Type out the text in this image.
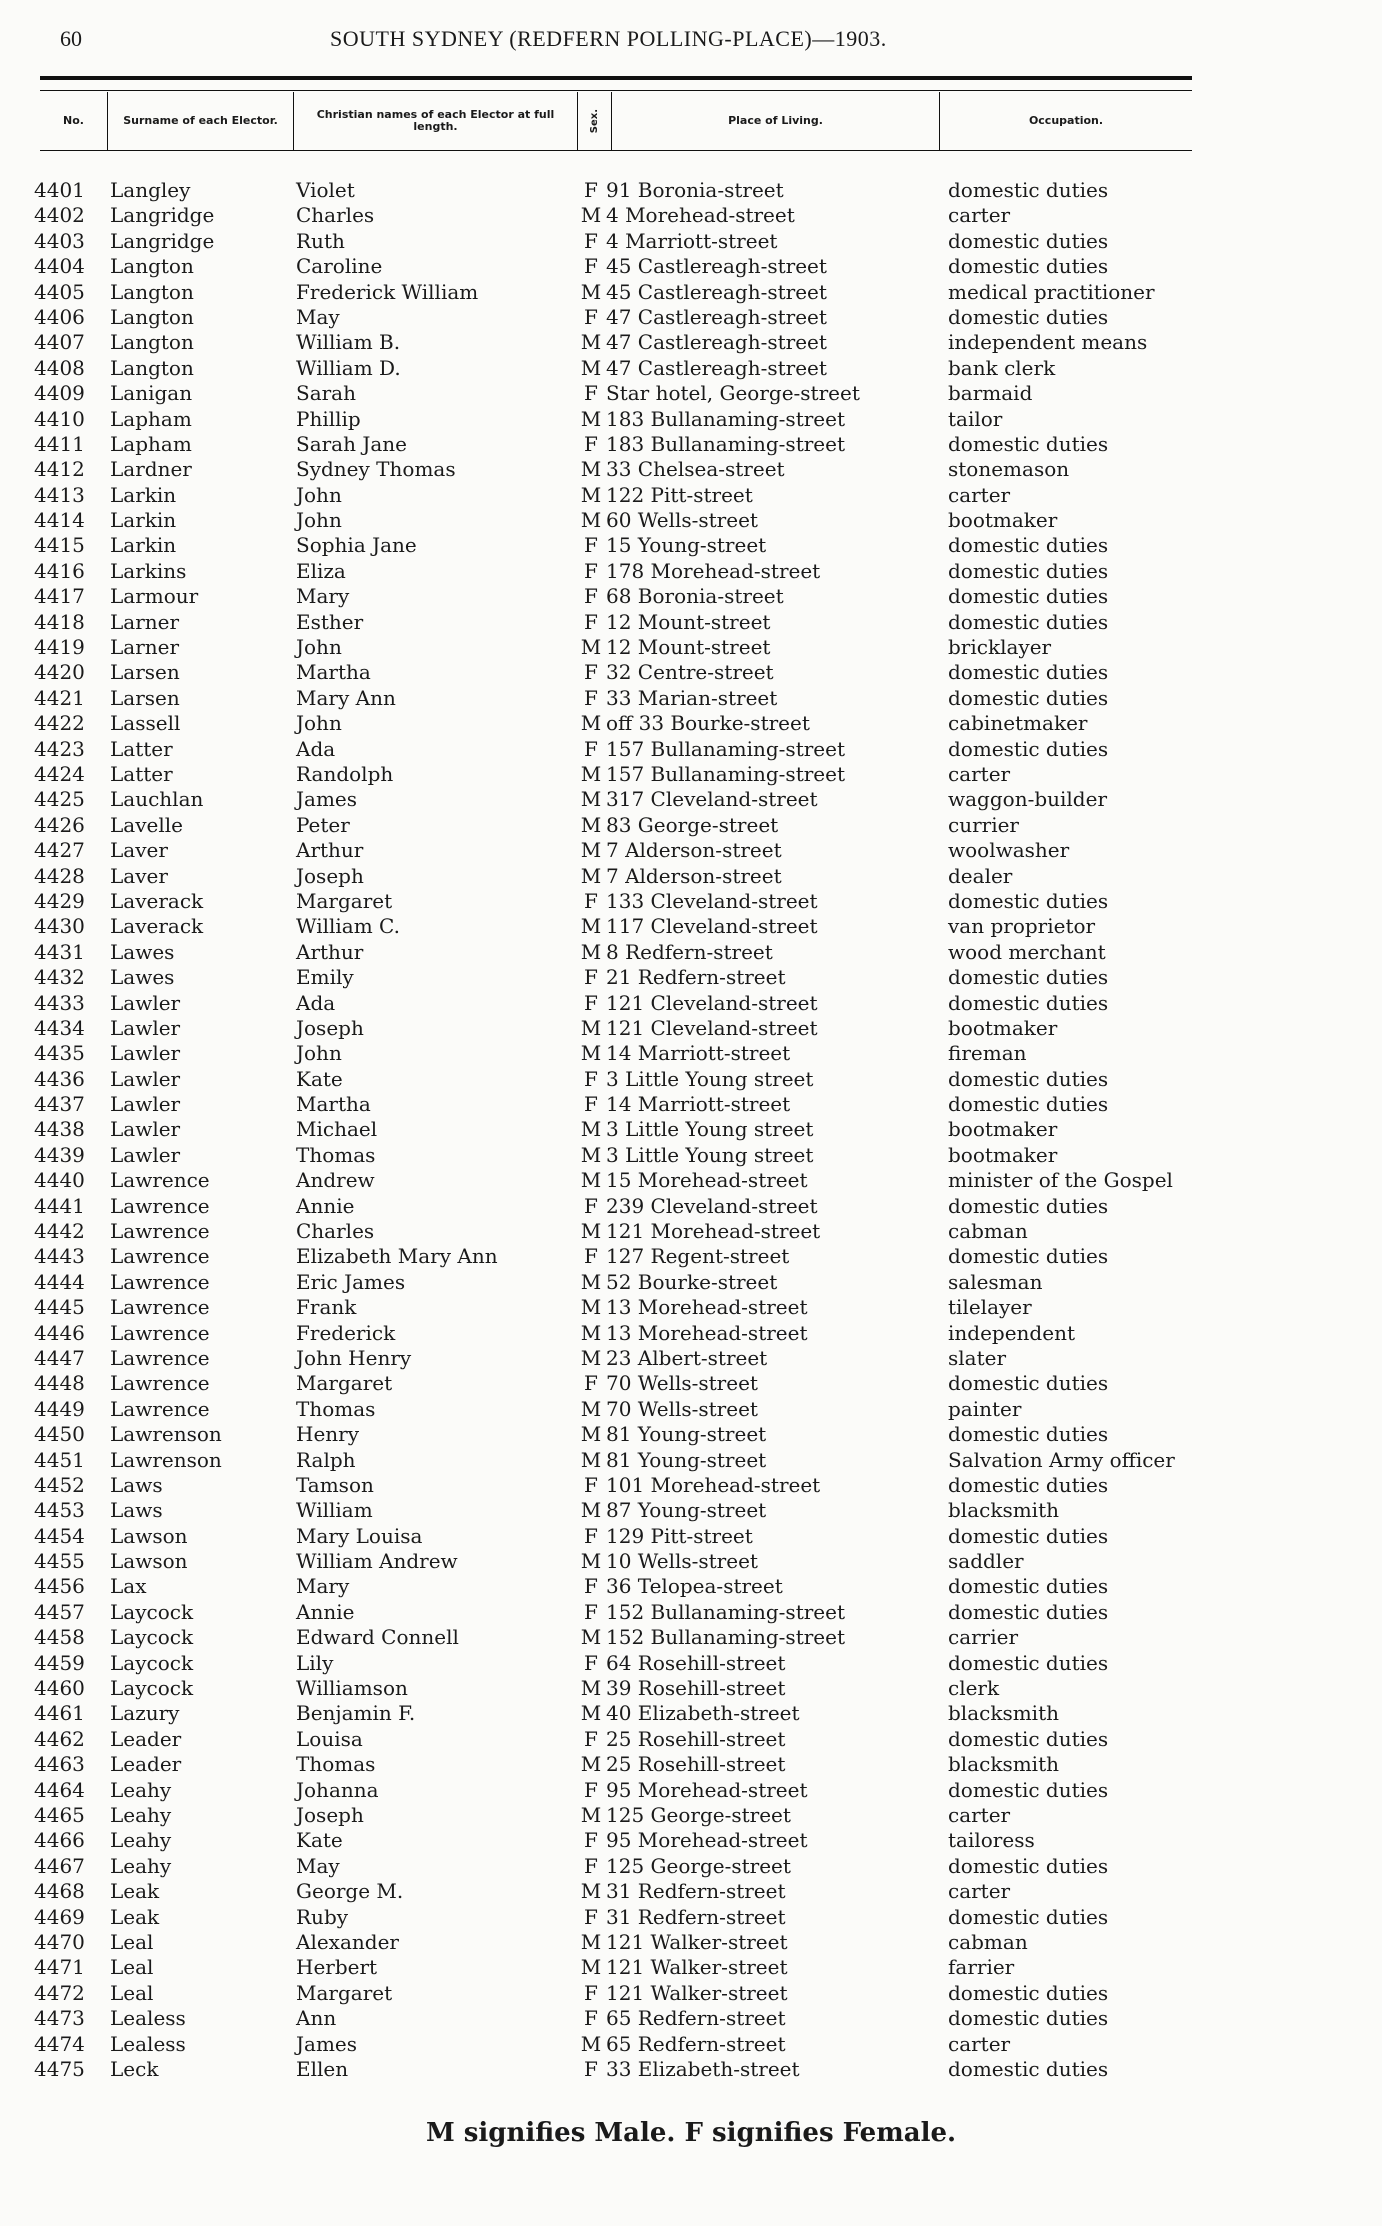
60	SOUTH SYDNEY (REDFERN POLLING-PLACE)—1903.
No.	Surname of each Elector.	Christian names of each Elector at full length.	Sex.	Place of Living.	Occupation.
4401	Langley	Violet	F 91 Boronia-street	domestic duties
4402	Langridge	Charles	M 4 Morehead-street	carter
4403	Langridge	Ruth	F 4 Marriott-street	domestic duties
4404	Langton	Caroline	F 45 Castlereagh-street	domestic duties
4405	Langton	Frederick William	M 45 Castlereagh-street	medical practitioner
4406	Langton	May	F 47 Castlereagh-street	domestic duties
4407	Langton	William B.	M 47 Castlereagh-street	independent means
4408	Langton	William D.	M 47 Castlereagh-street	bank clerk
4409	Lanigan	Sarah	F Star hotel, George-street	barmaid
4410	Lapham	Phillip	M 183 Bullanaming-street	tailor
4411	Lapham	Sarah Jane	F 183 Bullanaming-street	domestic duties
4412	Lardner	Sydney Thomas	M 33 Chelsea-street	stonemason
4413	Larkin	John	M 122 Pitt-street	carter
4414	Larkin	John	M 60 Wells-street	bootmaker
4415	Larkin	Sophia Jane	F 15 Young-street	domestic duties
4416	Larkins	Eliza	F 178 Morehead-street	domestic duties
4417	Larmour	Mary	F 68 Boronia-street	domestic duties
4418	Larner	Esther	F 12 Mount-street	domestic duties
4419	Larner	John	M 12 Mount-street	bricklayer
4420	Larsen	Martha	F 32 Centre-street	domestic duties
4421	Larsen	Mary Ann	F 33 Marian-street	domestic duties
4422	Lassell	John	M off 33 Bourke-street	cabinetmaker
4423	Latter	Ada	F 157 Bullanaming-street	domestic duties
4424	Latter	Randolph	M 157 Bullanaming-street	carter
4425	Lauchlan	James	M 317 Cleveland-street	waggon-builder
4426	Lavelle	Peter	M 83 George-street	currier
4427	Laver	Arthur	M 7 Alderson-street	woolwasher
4428	Laver	Joseph	M 7 Alderson-street	dealer
4429	Laverack	Margaret	F 133 Cleveland-street	domestic duties
4430	Laverack	William C.	M 117 Cleveland-street	van proprietor
4431	Lawes	Arthur	M 8 Redfern-street	wood merchant
4432	Lawes	Emily	F 21 Redfern-street	domestic duties
4433	Lawler	Ada	F 121 Cleveland-street	domestic duties
4434	Lawler	Joseph	M 121 Cleveland-street	bootmaker
4435	Lawler	John	M 14 Marriott-street	fireman
4436	Lawler	Kate	F 3 Little Young street	domestic duties
4437	Lawler	Martha	F 14 Marriott-street	domestic duties
4438	Lawler	Michael	M 3 Little Young street	bootmaker
4439	Lawler	Thomas	M 3 Little Young street	bootmaker
4440	Lawrence	Andrew	M 15 Morehead-street	minister of the Gospel
4441	Lawrence	Annie	F 239 Cleveland-street	domestic duties
4442	Lawrence	Charles	M 121 Morehead-street	cabman
4443	Lawrence	Elizabeth Mary Ann	F 127 Regent-street	domestic duties
4444	Lawrence	Eric James	M 52 Bourke-street	salesman
4445	Lawrence	Frank	M 13 Morehead-street	tilelayer
4446	Lawrence	Frederick	M 13 Morehead-street	independent
4447	Lawrence	John Henry	M 23 Albert-street	slater
4448	Lawrence	Margaret	F 70 Wells-street	domestic duties
4449	Lawrence	Thomas	M 70 Wells-street	painter
4450	Lawrenson	Henry	M 81 Young-street	domestic duties
4451	Lawrenson	Ralph	M 81 Young-street	Salvation Army officer
4452	Laws	Tamson	F 101 Morehead-street	domestic duties
4453	Laws	William	M 87 Young-street	blacksmith
4454	Lawson	Mary Louisa	F 129 Pitt-street	domestic duties
4455	Lawson	William Andrew	M 10 Wells-street	saddler
4456	Lax	Mary	F 36 Telopea-street	domestic duties
4457	Laycock	Annie	F 152 Bullanaming-street	domestic duties
4458	Laycock	Edward Connell	M 152 Bullanaming-street	carrier
4459	Laycock	Lily	F 64 Rosehill-street	domestic duties
4460	Laycock	Williamson	M 39 Rosehill-street	clerk
4461	Lazury	Benjamin F.	M 40 Elizabeth-street	blacksmith
4462	Leader	Louisa	F 25 Rosehill-street	domestic duties
4463	Leader	Thomas	M 25 Rosehill-street	blacksmith
4464	Leahy	Johanna	F 95 Morehead-street	domestic duties
4465	Leahy	Joseph	M 125 George-street	carter
4466	Leahy	Kate	F 95 Morehead-street	tailoress
4467	Leahy	May	F 125 George-street	domestic duties
4468	Leak	George M.	M 31 Redfern-street	carter
4469	Leak	Ruby	F 31 Redfern-street	domestic duties
4470	Leal	Alexander	M 121 Walker-street	cabman
4471	Leal	Herbert	M 121 Walker-street	farrier
4472	Leal	Margaret	F 121 Walker-street	domestic duties
4473	Lealess	Ann	F 65 Redfern-street	domestic duties
4474	Lealess	James	M 65 Redfern-street	carter
4475	Leck	Ellen	F 33 Elizabeth-street	domestic duties
M signifies Male. F signifies Female.
